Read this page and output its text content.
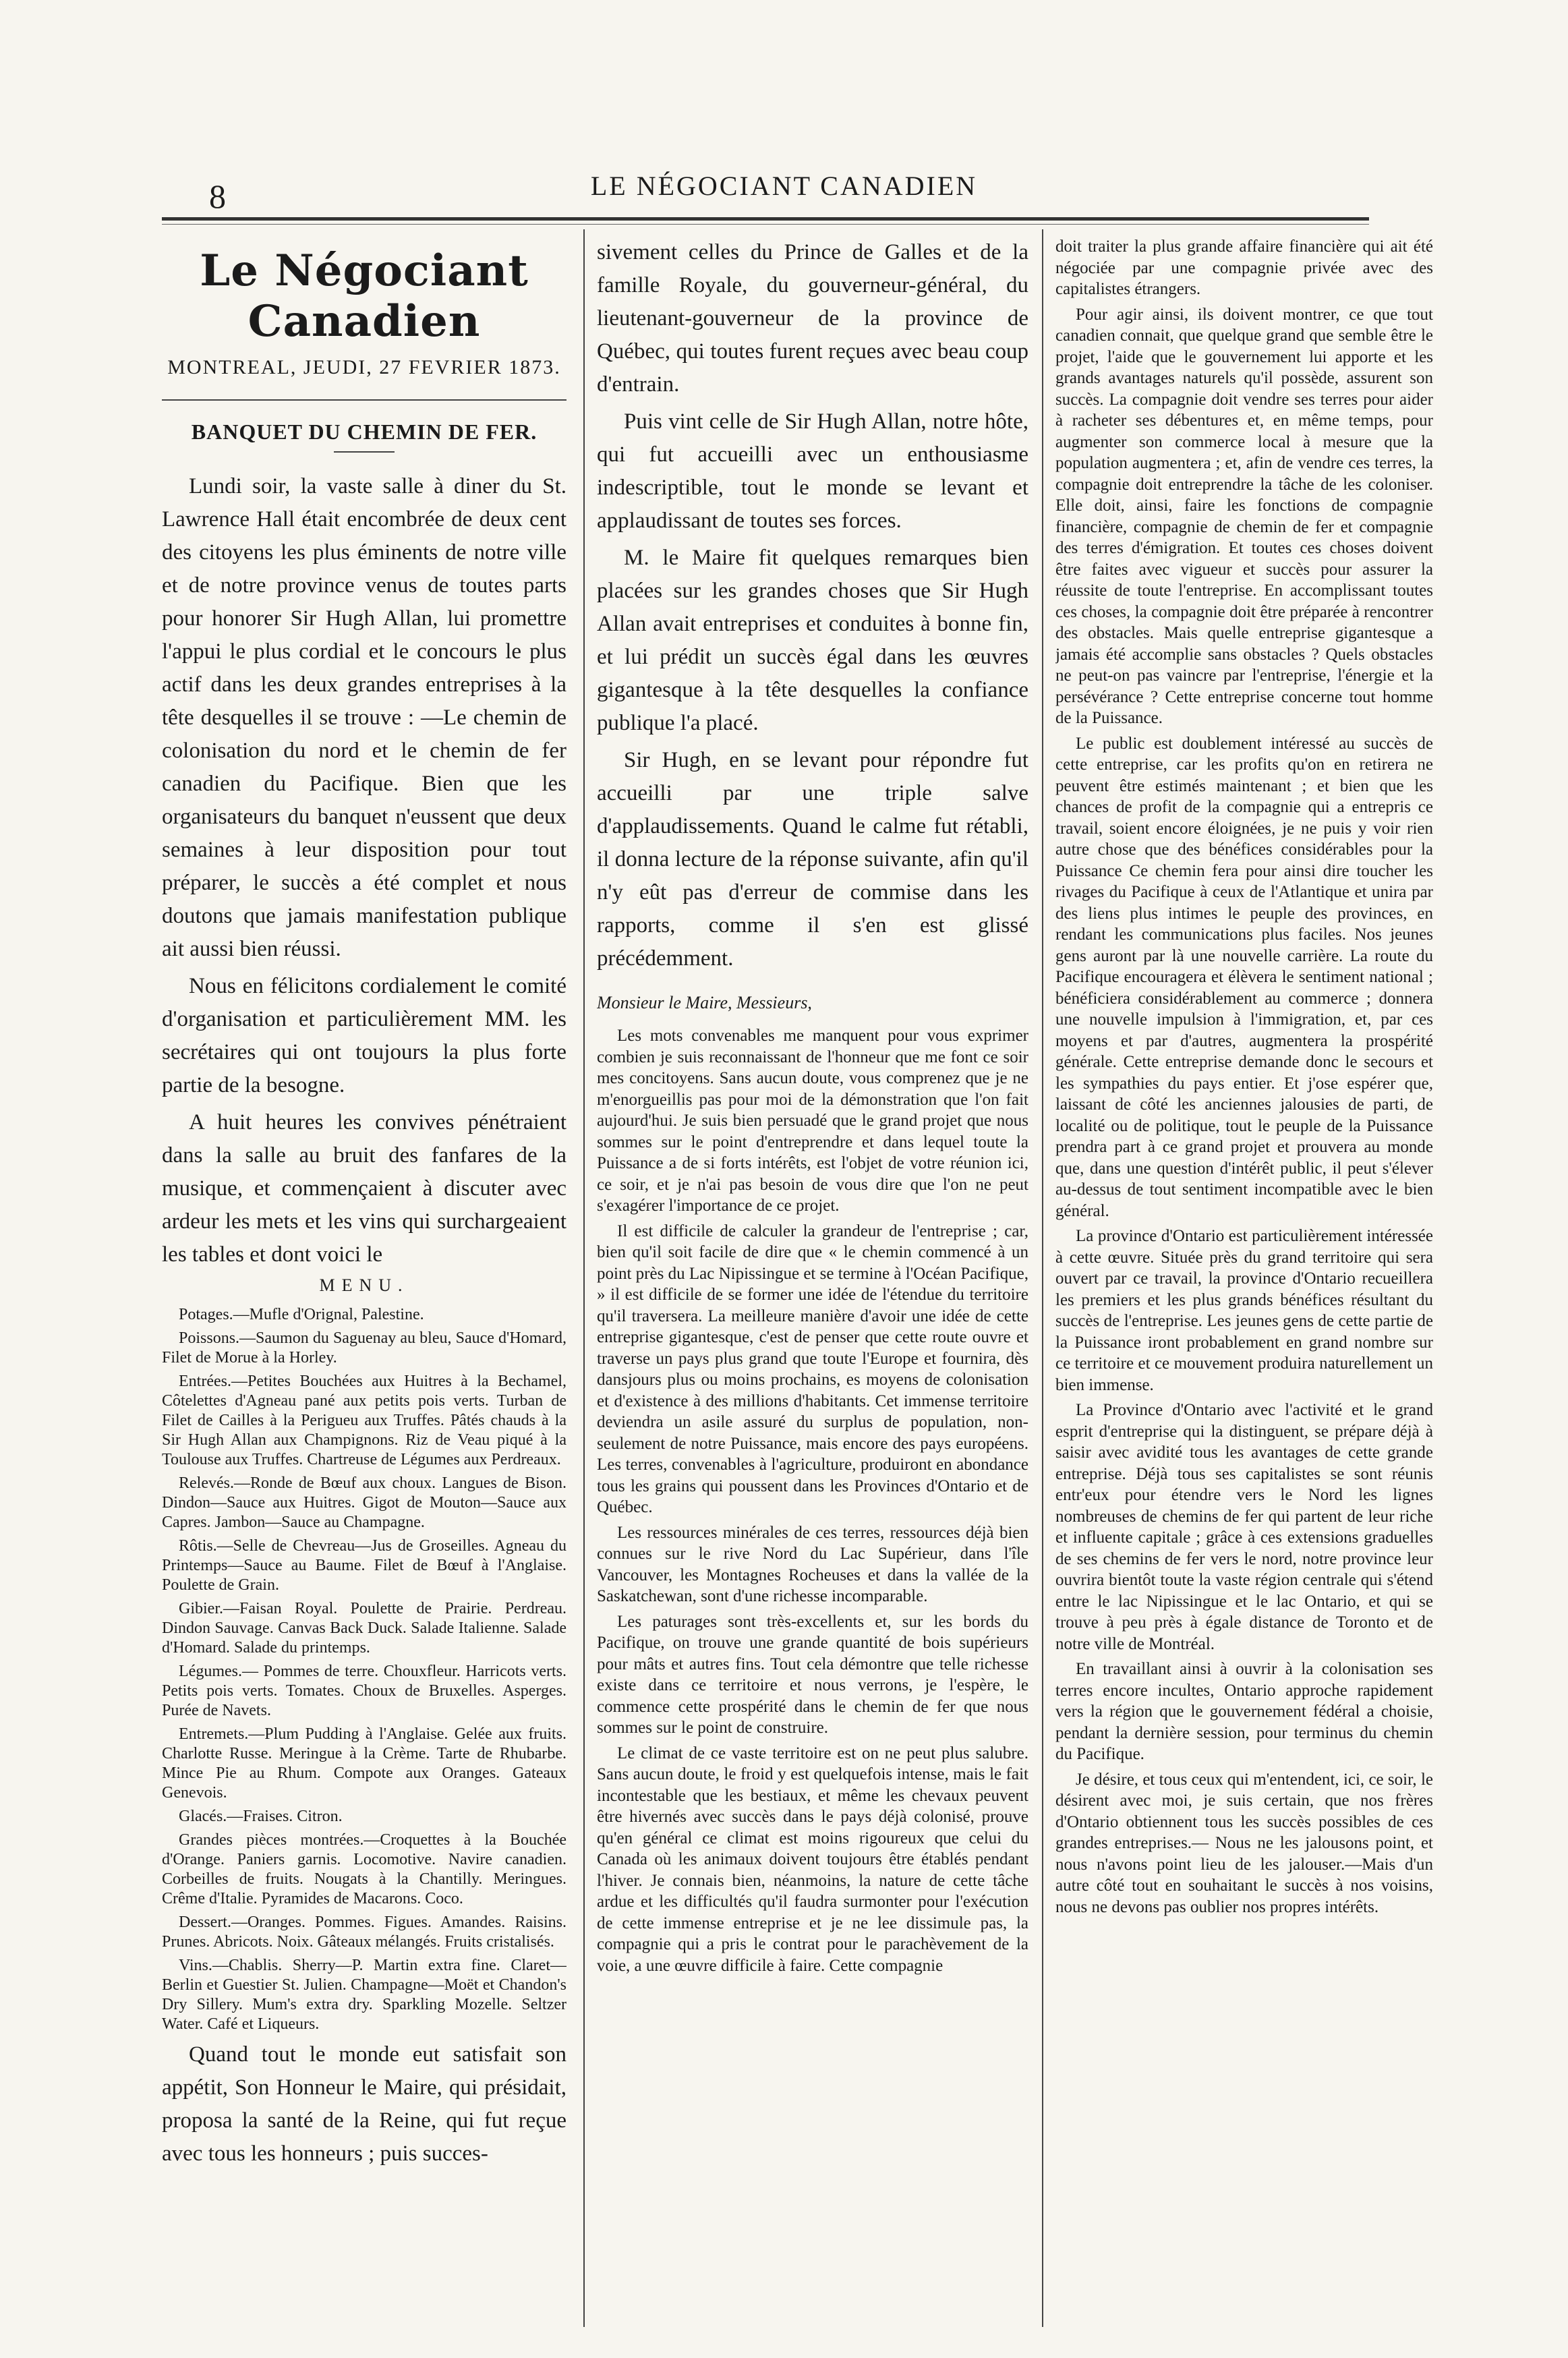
8	LE NÉGOCIANT CANADIEN
Le Négociant Canadien
MONTREAL, JEUDI, 27 FEVRIER 1873.
BANQUET DU CHEMIN DE FER.

Lundi soir, la vaste salle à diner du St. Lawrence Hall était encombrée de deux cent des citoyens les plus éminents de notre ville et de notre province venus de toutes parts pour honorer Sir Hugh Allan, lui promettre l'appui le plus cordial et le concours le plus actif dans les deux grandes entreprises à la tête desquelles il se trouve : —Le chemin de colonisation du nord et le chemin de fer canadien du Pacifique. Bien que les organisateurs du banquet n'eussent que deux semaines à leur disposition pour tout préparer, le succès a été complet et nous doutons que jamais manifestation publique ait aussi bien réussi.

Nous en félicitons cordialement le comité d'organisation et particulièrement MM. les secrétaires qui ont toujours la plus forte partie de la besogne.

A huit heures les convives pénétraient dans la salle au bruit des fanfares de la musique, et commençaient à discuter avec ardeur les mets et les vins qui surchargeaient les tables et dont voici le

MENU.

Potages.—Mufle d'Orignal, Palestine.

Poissons.—Saumon du Saguenay au bleu, Sauce d'Homard, Filet de Morue à la Horley.

Entrées.—Petites Bouchées aux Huitres à la Bechamel, Côtelettes d'Agneau pané aux petits pois verts. Turban de Filet de Cailles à la Perigueu aux Truffes. Pâtés chauds à la Sir Hugh Allan aux Champignons. Riz de Veau piqué à la Toulouse aux Truffes. Chartreuse de Légumes aux Perdreaux.

Relevés.—Ronde de Bœuf aux choux. Langues de Bison. Dindon—Sauce aux Huitres. Gigot de Mouton—Sauce aux Capres. Jambon—Sauce au Champagne.

Rôtis.—Selle de Chevreau—Jus de Groseilles. Agneau du Printemps—Sauce au Baume. Filet de Bœuf à l'Anglaise. Poulette de Grain.

Gibier.—Faisan Royal. Poulette de Prairie. Perdreau. Dindon Sauvage. Canvas Back Duck. Salade Italienne. Salade d'Homard. Salade du printemps.

Légumes.— Pommes de terre. Chouxfleur. Harricots verts. Petits pois verts. Tomates. Choux de Bruxelles. Asperges. Purée de Navets.

Entremets.—Plum Pudding à l'Anglaise. Gelée aux fruits. Charlotte Russe. Meringue à la Crème. Tarte de Rhubarbe. Mince Pie au Rhum. Compote aux Oranges. Gateaux Genevois.

Glacés.—Fraises. Citron.

Grandes pièces montrées.—Croquettes à la Bouchée d'Orange. Paniers garnis. Locomotive. Navire canadien. Corbeilles de fruits. Nougats à la Chantilly. Meringues. Crême d'Italie. Pyramides de Macarons. Coco.

Dessert.—Oranges. Pommes. Figues. Amandes. Raisins. Prunes. Abricots. Noix. Gâteaux mélangés. Fruits cristalisés.

Vins.—Chablis. Sherry—P. Martin extra fine. Claret—Berlin et Guestier St. Julien. Champagne—Moët et Chandon's Dry Sillery. Mum's extra dry. Sparkling Mozelle. Seltzer Water. Café et Liqueurs.

Quand tout le monde eut satisfait son appétit, Son Honneur le Maire, qui présidait, proposa la santé de la Reine, qui fut reçue avec tous les honneurs ; puis succes-

sivement celles du Prince de Galles et de la famille Royale, du gouverneur-général, du lieutenant-gouverneur de la province de Québec, qui toutes furent reçues avec beau coup d'entrain.

Puis vint celle de Sir Hugh Allan, notre hôte, qui fut accueilli avec un enthousiasme indescriptible, tout le monde se levant et applaudissant de toutes ses forces.

M. le Maire fit quelques remarques bien placées sur les grandes choses que Sir Hugh Allan avait entreprises et conduites à bonne fin, et lui prédit un succès égal dans les œuvres gigantesque à la tête desquelles la confiance publique l'a placé.

Sir Hugh, en se levant pour répondre fut accueilli par une triple salve d'applaudissements. Quand le calme fut rétabli, il donna lecture de la réponse suivante, afin qu'il n'y eût pas d'erreur de commise dans les rapports, comme il s'en est glissé précédemment.

Monsieur le Maire, Messieurs,

Les mots convenables me manquent pour vous exprimer combien je suis reconnaissant de l'honneur que me font ce soir mes concitoyens. Sans aucun doute, vous comprenez que je ne m'enorgueillis pas pour moi de la démonstration que l'on fait aujourd'hui. Je suis bien persuadé que le grand projet que nous sommes sur le point d'entreprendre et dans lequel toute la Puissance a de si forts intérêts, est l'objet de votre réunion ici, ce soir, et je n'ai pas besoin de vous dire que l'on ne peut s'exagérer l'importance de ce projet.

Il est difficile de calculer la grandeur de l'entreprise ; car, bien qu'il soit facile de dire que « le chemin commencé à un point près du Lac Nipissingue et se termine à l'Océan Pacifique, » il est difficile de se former une idée de l'étendue du territoire qu'il traversera. La meilleure manière d'avoir une idée de cette entreprise gigantesque, c'est de penser que cette route ouvre et traverse un pays plus grand que toute l'Europe et fournira, dès dansjours plus ou moins prochains, es moyens de colonisation et d'existence à des millions d'habitants. Cet immense territoire deviendra un asile assuré du surplus de population, non-seulement de notre Puissance, mais encore des pays européens. Les terres, convenables à l'agriculture, produiront en abondance tous les grains qui poussent dans les Provinces d'Ontario et de Québec.

Les ressources minérales de ces terres, ressources déjà bien connues sur le rive Nord du Lac Supérieur, dans l'île Vancouver, les Montagnes Rocheuses et dans la vallée de la Saskatchewan, sont d'une richesse incomparable.

Les paturages sont très-excellents et, sur les bords du Pacifique, on trouve une grande quantité de bois supérieurs pour mâts et autres fins. Tout cela démontre que telle richesse existe dans ce territoire et nous verrons, je l'espère, le commence cette prospérité dans le chemin de fer que nous sommes sur le point de construire.

Le climat de ce vaste territoire est on ne peut plus salubre. Sans aucun doute, le froid y est quelquefois intense, mais le fait incontestable que les bestiaux, et même les chevaux peuvent être hivernés avec succès dans le pays déjà colonisé, prouve qu'en général ce climat est moins rigoureux que celui du Canada où les animaux doivent toujours être établés pendant l'hiver. Je connais bien, néanmoins, la nature de cette tâche ardue et les difficultés qu'il faudra surmonter pour l'exécution de cette immense entreprise et je ne lee dissimule pas, la compagnie qui a pris le contrat pour le parachèvement de la voie, a une œuvre difficile à faire. Cette compagnie

doit traiter la plus grande affaire financière qui ait été négociée par une compagnie privée avec des capitalistes étrangers.

Pour agir ainsi, ils doivent montrer, ce que tout canadien connait, que quelque grand que semble être le projet, l'aide que le gouvernement lui apporte et les grands avantages naturels qu'il possède, assurent son succès. La compagnie doit vendre ses terres pour aider à racheter ses débentures et, en même temps, pour augmenter son commerce local à mesure que la population augmentera ; et, afin de vendre ces terres, la compagnie doit entreprendre la tâche de les coloniser. Elle doit, ainsi, faire les fonctions de compagnie financière, compagnie de chemin de fer et compagnie des terres d'émigration. Et toutes ces choses doivent être faites avec vigueur et succès pour assurer la réussite de toute l'entreprise. En accomplissant toutes ces choses, la compagnie doit être préparée à rencontrer des obstacles. Mais quelle entreprise gigantesque a jamais été accomplie sans obstacles ? Quels obstacles ne peut-on pas vaincre par l'entreprise, l'énergie et la persévérance ? Cette entreprise concerne tout homme de la Puissance.

Le public est doublement intéressé au succès de cette entreprise, car les profits qu'on en retirera ne peuvent être estimés maintenant ; et bien que les chances de profit de la compagnie qui a entrepris ce travail, soient encore éloignées, je ne puis y voir rien autre chose que des bénéfices considérables pour la Puissance Ce chemin fera pour ainsi dire toucher les rivages du Pacifique à ceux de l'Atlantique et unira par des liens plus intimes le peuple des provinces, en rendant les communications plus faciles. Nos jeunes gens auront par là une nouvelle carrière. La route du Pacifique encouragera et élèvera le sentiment national ; bénéficiera considérablement au commerce ; donnera une nouvelle impulsion à l'immigration, et, par ces moyens et par d'autres, augmentera la prospérité générale. Cette entreprise demande donc le secours et les sympathies du pays entier. Et j'ose espérer que, laissant de côté les anciennes jalousies de parti, de localité ou de politique, tout le peuple de la Puissance prendra part à ce grand projet et prouvera au monde que, dans une question d'intérêt public, il peut s'élever au-dessus de tout sentiment incompatible avec le bien général.

La province d'Ontario est particulièrement intéressée à cette œuvre. Située près du grand territoire qui sera ouvert par ce travail, la province d'Ontario recueillera les premiers et les plus grands bénéfices résultant du succès de l'entreprise. Les jeunes gens de cette partie de la Puissance iront probablement en grand nombre sur ce territoire et ce mouvement produira naturellement un bien immense.

La Province d'Ontario avec l'activité et le grand esprit d'entreprise qui la distinguent, se prépare déjà à saisir avec avidité tous les avantages de cette grande entreprise. Déjà tous ses capitalistes se sont réunis entr'eux pour étendre vers le Nord les lignes nombreuses de chemins de fer qui partent de leur riche et influente capitale ; grâce à ces extensions graduelles de ses chemins de fer vers le nord, notre province leur ouvrira bientôt toute la vaste région centrale qui s'étend entre le lac Nipissingue et le lac Ontario, et qui se trouve à peu près à égale distance de Toronto et de notre ville de Montréal.

En travaillant ainsi à ouvrir à la colonisation ses terres encore incultes, Ontario approche rapidement vers la région que le gouvernement fédéral a choisie, pendant la dernière session, pour terminus du chemin du Pacifique.

Je désire, et tous ceux qui m'entendent, ici, ce soir, le désirent avec moi, je suis certain, que nos frères d'Ontario obtiennent tous les succès possibles de ces grandes entreprises.— Nous ne les jalousons point, et nous n'avons point lieu de les jalouser.—Mais d'un autre côté tout en souhaitant le succès à nos voisins, nous ne devons pas oublier nos propres intérêts.
